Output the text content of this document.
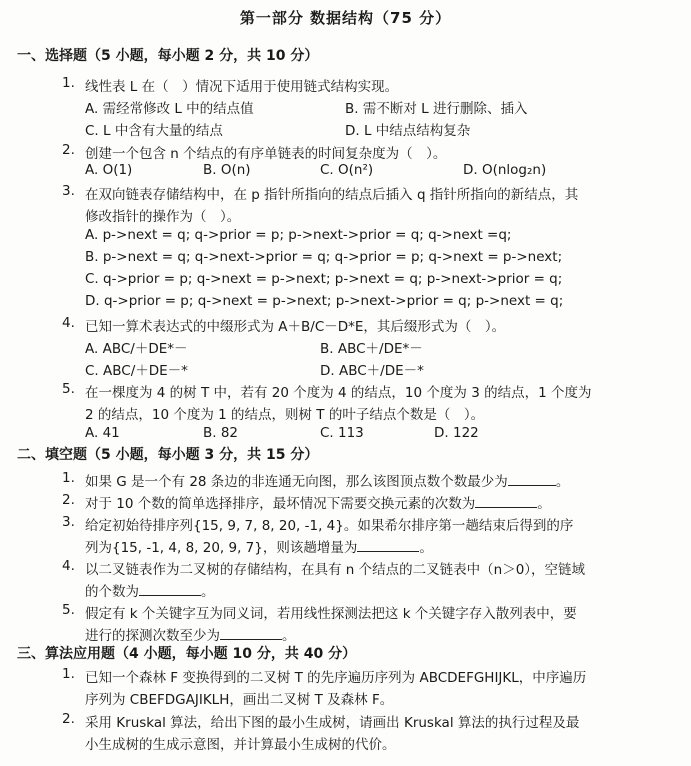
第一部分 数据结构（75 分）
一、选择题（5 小题，每小题 2 分，共 10 分）
1. 线性表 L 在（　）情况下适用于使用链式结构实现。
A. 需经常修改 L 中的结点值	B. 需不断对 L 进行删除、插入
C. L 中含有大量的结点	D. L 中结点结构复杂
2. 创建一个包含 n 个结点的有序单链表的时间复杂度为（　）。
A. O(1)	B. O(n)	C. O(n²)	D. O(nlog₂n)
3. 在双向链表存储结构中，在 p 指针所指向的结点后插入 q 指针所指向的新结点，其
修改指针的操作为（　）。
A. p->next = q; q->prior = p; p->next->prior = q; q->next =q;
B. p->next = q; q->next->prior = q; q->prior = p; q->next = p->next;
C. q->prior = p; q->next = p->next; p->next = q; p->next->prior = q;
D. q->prior = p; q->next = p->next; p->next->prior = q; p->next = q;
4. 已知一算术表达式的中缀形式为 A＋B/C－D*E，其后缀形式为（　）。
A. ABC/＋DE*－	B. ABC＋/DE*－
C. ABC/＋DE－*	D. ABC＋/DE－*
5. 在一棵度为 4 的树 T 中，若有 20 个度为 4 的结点，10 个度为 3 的结点，1 个度为
2 的结点，10 个度为 1 的结点，则树 T 的叶子结点个数是（　）。
A. 41	B. 82	C. 113	D. 122
二、填空题（5 小题，每小题 3 分，共 15 分）
1. 如果 G 是一个有 28 条边的非连通无向图，那么该图顶点数个数最少为	。
2. 对于 10 个数的简单选择排序，最坏情况下需要交换元素的次数为	。
3. 给定初始待排序列{15, 9, 7, 8, 20, -1, 4}。如果希尔排序第一趟结束后得到的序
列为{15, -1, 4, 8, 20, 9, 7}，则该趟增量为	。
4. 以二叉链表作为二叉树的存储结构，在具有 n 个结点的二叉链表中（n＞0），空链域
的个数为	。
5. 假定有 k 个关键字互为同义词，若用线性探测法把这 k 个关键字存入散列表中，要
进行的探测次数至少为	。
三、算法应用题（4 小题，每小题 10 分，共 40 分）
1. 已知一个森林 F 变换得到的二叉树 T 的先序遍历序列为 ABCDEFGHIJKL，中序遍历
序列为 CBEFDGAJIKLH，画出二叉树 T 及森林 F。
2. 采用 Kruskal 算法，给出下图的最小生成树，请画出 Kruskal 算法的执行过程及最
小生成树的生成示意图，并计算最小生成树的代价。
